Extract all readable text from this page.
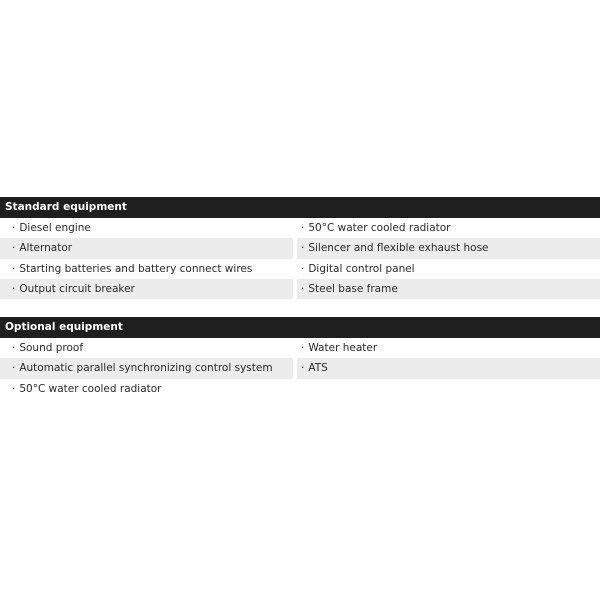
Standard equipment
· Diesel engine	· 50°C water cooled radiator
· Alternator	· Silencer and flexible exhaust hose
· Starting batteries and battery connect wires	· Digital control panel
· Output circuit breaker	· Steel base frame
Optional equipment
· Sound proof	· Water heater
· Automatic parallel synchronizing control system	· ATS
· 50°C water cooled radiator
